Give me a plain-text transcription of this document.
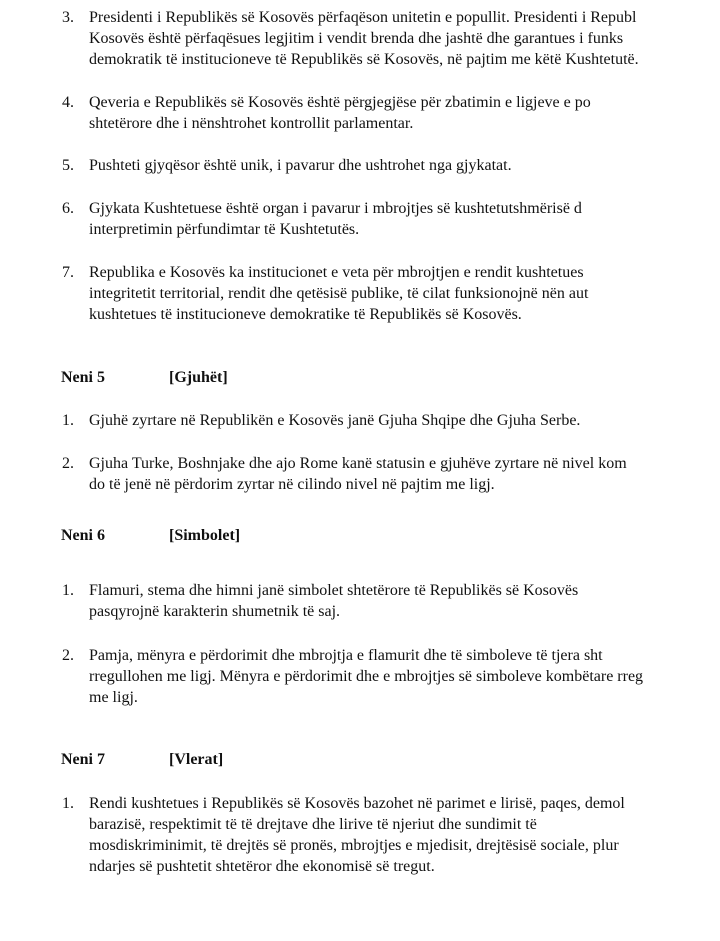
3. Presidenti i Republikës së Kosovës përfaqëson unitetin e popullit. Presidenti i Republ
Kosovës është përfaqësues legjitim i vendit brenda dhe jashtë dhe garantues i funks
demokratik të institucioneve të Republikës së Kosovës, në pajtim me këtë Kushtetutë.
4. Qeveria e Republikës së Kosovës është përgjegjëse për zbatimin e ligjeve e po
shtetërore dhe i nënshtrohet kontrollit parlamentar.
5. Pushteti gjyqësor është unik, i pavarur dhe ushtrohet nga gjykatat.
6. Gjykata Kushtetuese është organ i pavarur i mbrojtjes së kushtetutshmërisë d
interpretimin përfundimtar të Kushtetutës.
7. Republika e Kosovës ka institucionet e veta për mbrojtjen e rendit kushtetues
integritetit territorial, rendit dhe qetësisë publike, të cilat funksionojnë nën aut
kushtetues të institucioneve demokratike të Republikës së Kosovës.
Neni 5	[Gjuhët]
1. Gjuhë zyrtare në Republikën e Kosovës janë Gjuha Shqipe dhe Gjuha Serbe.
2. Gjuha Turke, Boshnjake dhe ajo Rome kanë statusin e gjuhëve zyrtare në nivel kom
do të jenë në përdorim zyrtar në cilindo nivel në pajtim me ligj.
Neni 6	[Simbolet]
1. Flamuri, stema dhe himni janë simbolet shtetërore të Republikës së Kosovës
pasqyrojnë karakterin shumetnik të saj.
2. Pamja, mënyra e përdorimit dhe mbrojtja e flamurit dhe të simboleve të tjera sht
rregullohen me ligj. Mënyra e përdorimit dhe e mbrojtjes së simboleve kombëtare rreg
me ligj.
Neni 7	[Vlerat]
1. Rendi kushtetues i Republikës së Kosovës bazohet në parimet e lirisë, paqes, demol
barazisë, respektimit të të drejtave dhe lirive të njeriut dhe sundimit të
mosdiskriminimit, të drejtës së pronës, mbrojtjes e mjedisit, drejtësisë sociale, plur
ndarjes së pushtetit shtetëror dhe ekonomisë së tregut.
